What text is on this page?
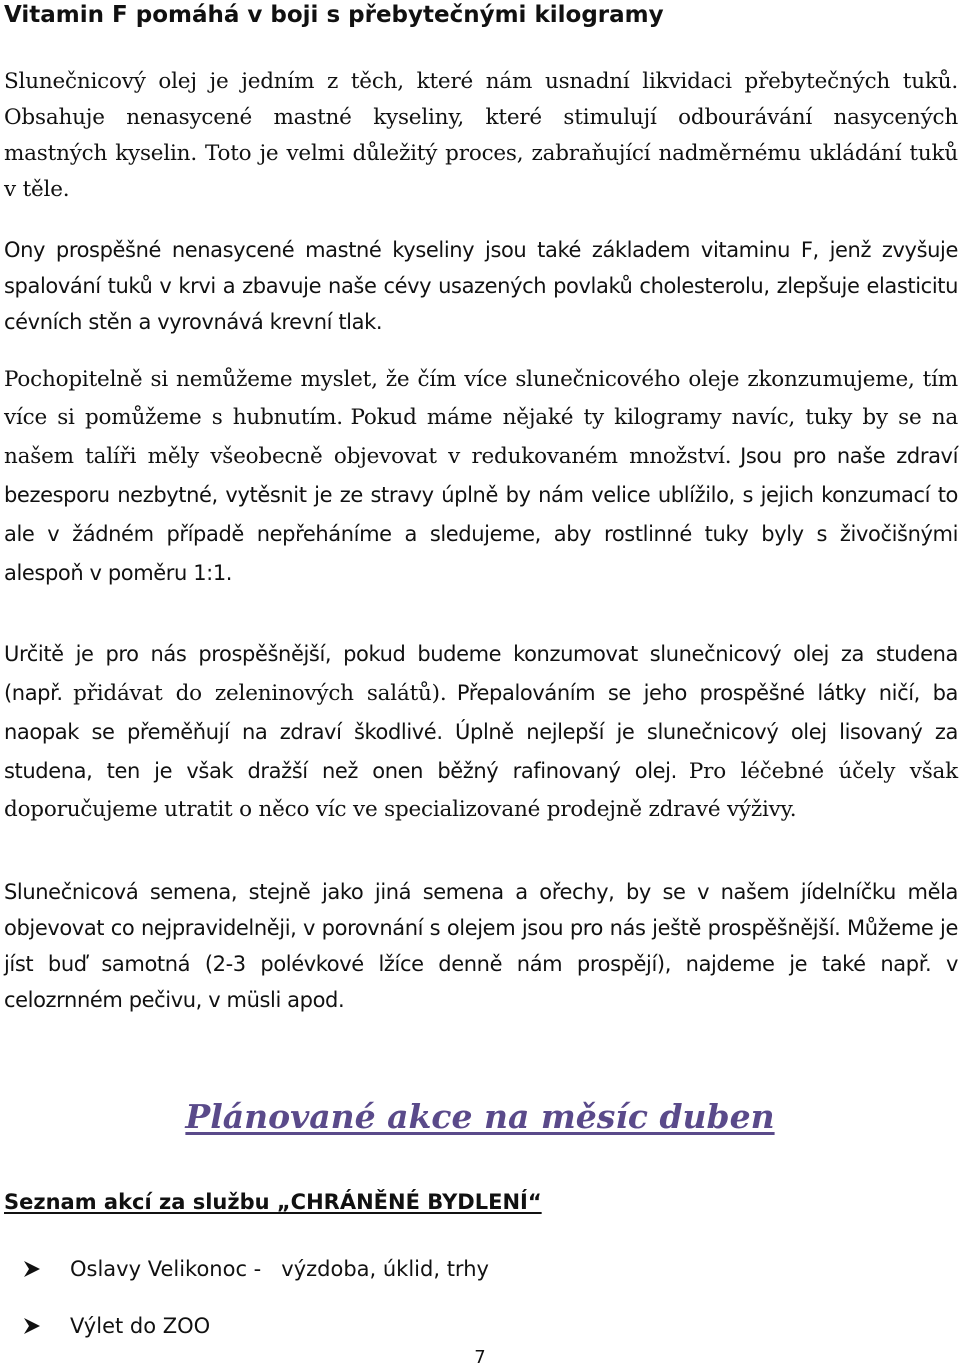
Vitamin F pomáhá v boji s přebytečnými kilogramy

Slunečnicový olej je jedním z těch, které nám usnadní likvidaci přebytečných tuků. Obsahuje nenasycené mastné kyseliny, které stimulují odbourávání nasycených mastných kyselin. Toto je velmi důležitý proces, zabraňující nadměrnému ukládání tuků v těle.

Ony prospěšné nenasycené mastné kyseliny jsou také základem vitaminu F, jenž zvyšuje spalování tuků v krvi a zbavuje naše cévy usazených povlaků cholesterolu, zlepšuje elasticitu cévních stěn a vyrovnává krevní tlak.

Pochopitelně si nemůžeme myslet, že čím více slunečnicového oleje zkonzumujeme, tím více si pomůžeme s hubnutím. Pokud máme nějaké ty kilogramy navíc, tuky by se na našem talíři měly všeobecně objevovat v redukovaném množství. Jsou pro naše zdraví bezesporu nezbytné, vytěsnit je ze stravy úplně by nám velice ublížilo, s jejich konzumací to ale v žádném případě nepřeháníme a sledujeme, aby rostlinné tuky byly s živočišnými alespoň v poměru 1:1.

Určitě je pro nás prospěšnější, pokud budeme konzumovat slunečnicový olej za studena (např. přidávat do zeleninových salátů). Přepalováním se jeho prospěšné látky ničí, ba naopak se přeměňují na zdraví škodlivé. Úplně nejlepší je slunečnicový olej lisovaný za studena, ten je však dražší než onen běžný rafinovaný olej. Pro léčebné účely však doporučujeme utratit o něco víc ve specializované prodejně zdravé výživy.

Slunečnicová semena, stejně jako jiná semena a ořechy, by se v našem jídelníčku měla objevovat co nejpravidelněji, v porovnání s olejem jsou pro nás ještě prospěšnější. Můžeme je jíst buď samotná (2-3 polévkové lžíce denně nám prospějí), najdeme je také např. v celozrnném pečivu, v müsli apod.

Plánované akce na měsíc duben
Seznam akcí za službu „CHRÁNĚNÉ BYDLENÍ“
Oslavy Velikonoc -   výzdoba, úklid, trhy
Výlet do ZOO
7
